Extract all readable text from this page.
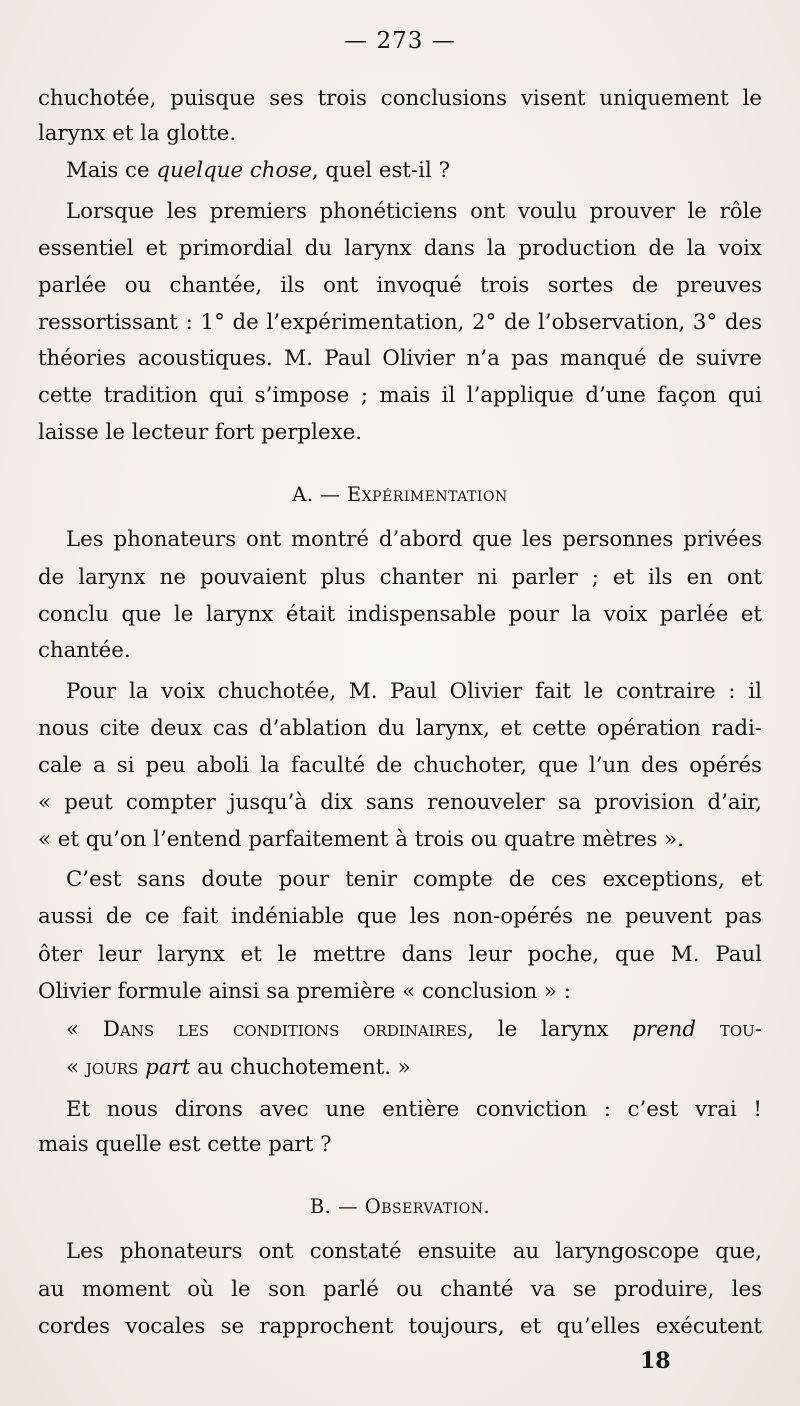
— 273 —
chuchotée, puisque ses trois conclusions visent uniquement le
larynx et la glotte.
Mais ce quelque chose, quel est-il ?
Lorsque les premiers phonéticiens ont voulu prouver le rôle
essentiel et primordial du larynx dans la production de la voix
parlée ou chantée, ils ont invoqué trois sortes de preuves
ressortissant : 1° de l’expérimentation, 2° de l’observation, 3° des
théories acoustiques. M. Paul Olivier n’a pas manqué de suivre
cette tradition qui s’impose ; mais il l’applique d’une façon qui
laisse le lecteur fort perplexe.
A. — Expérimentation
Les phonateurs ont montré d’abord que les personnes privées
de larynx ne pouvaient plus chanter ni parler ; et ils en ont
conclu que le larynx était indispensable pour la voix parlée et
chantée.
Pour la voix chuchotée, M. Paul Olivier fait le contraire : il
nous cite deux cas d’ablation du larynx, et cette opération radi-
cale a si peu aboli la faculté de chuchoter, que l’un des opérés
« peut compter jusqu’à dix sans renouveler sa provision d’air,
« et qu’on l’entend parfaitement à trois ou quatre mètres ».
C’est sans doute pour tenir compte de ces exceptions, et
aussi de ce fait indéniable que les non-opérés ne peuvent pas
ôter leur larynx et le mettre dans leur poche, que M. Paul
Olivier formule ainsi sa première « conclusion » :
« Dans les conditions ordinaires, le larynx prend tou-
« jours part au chuchotement. »
Et nous dirons avec une entière conviction : c’est vrai !
mais quelle est cette part ?
B. — Observation.
Les phonateurs ont constaté ensuite au laryngoscope que,
au moment où le son parlé ou chanté va se produire, les
cordes vocales se rapprochent toujours, et qu’elles exécutent
18
